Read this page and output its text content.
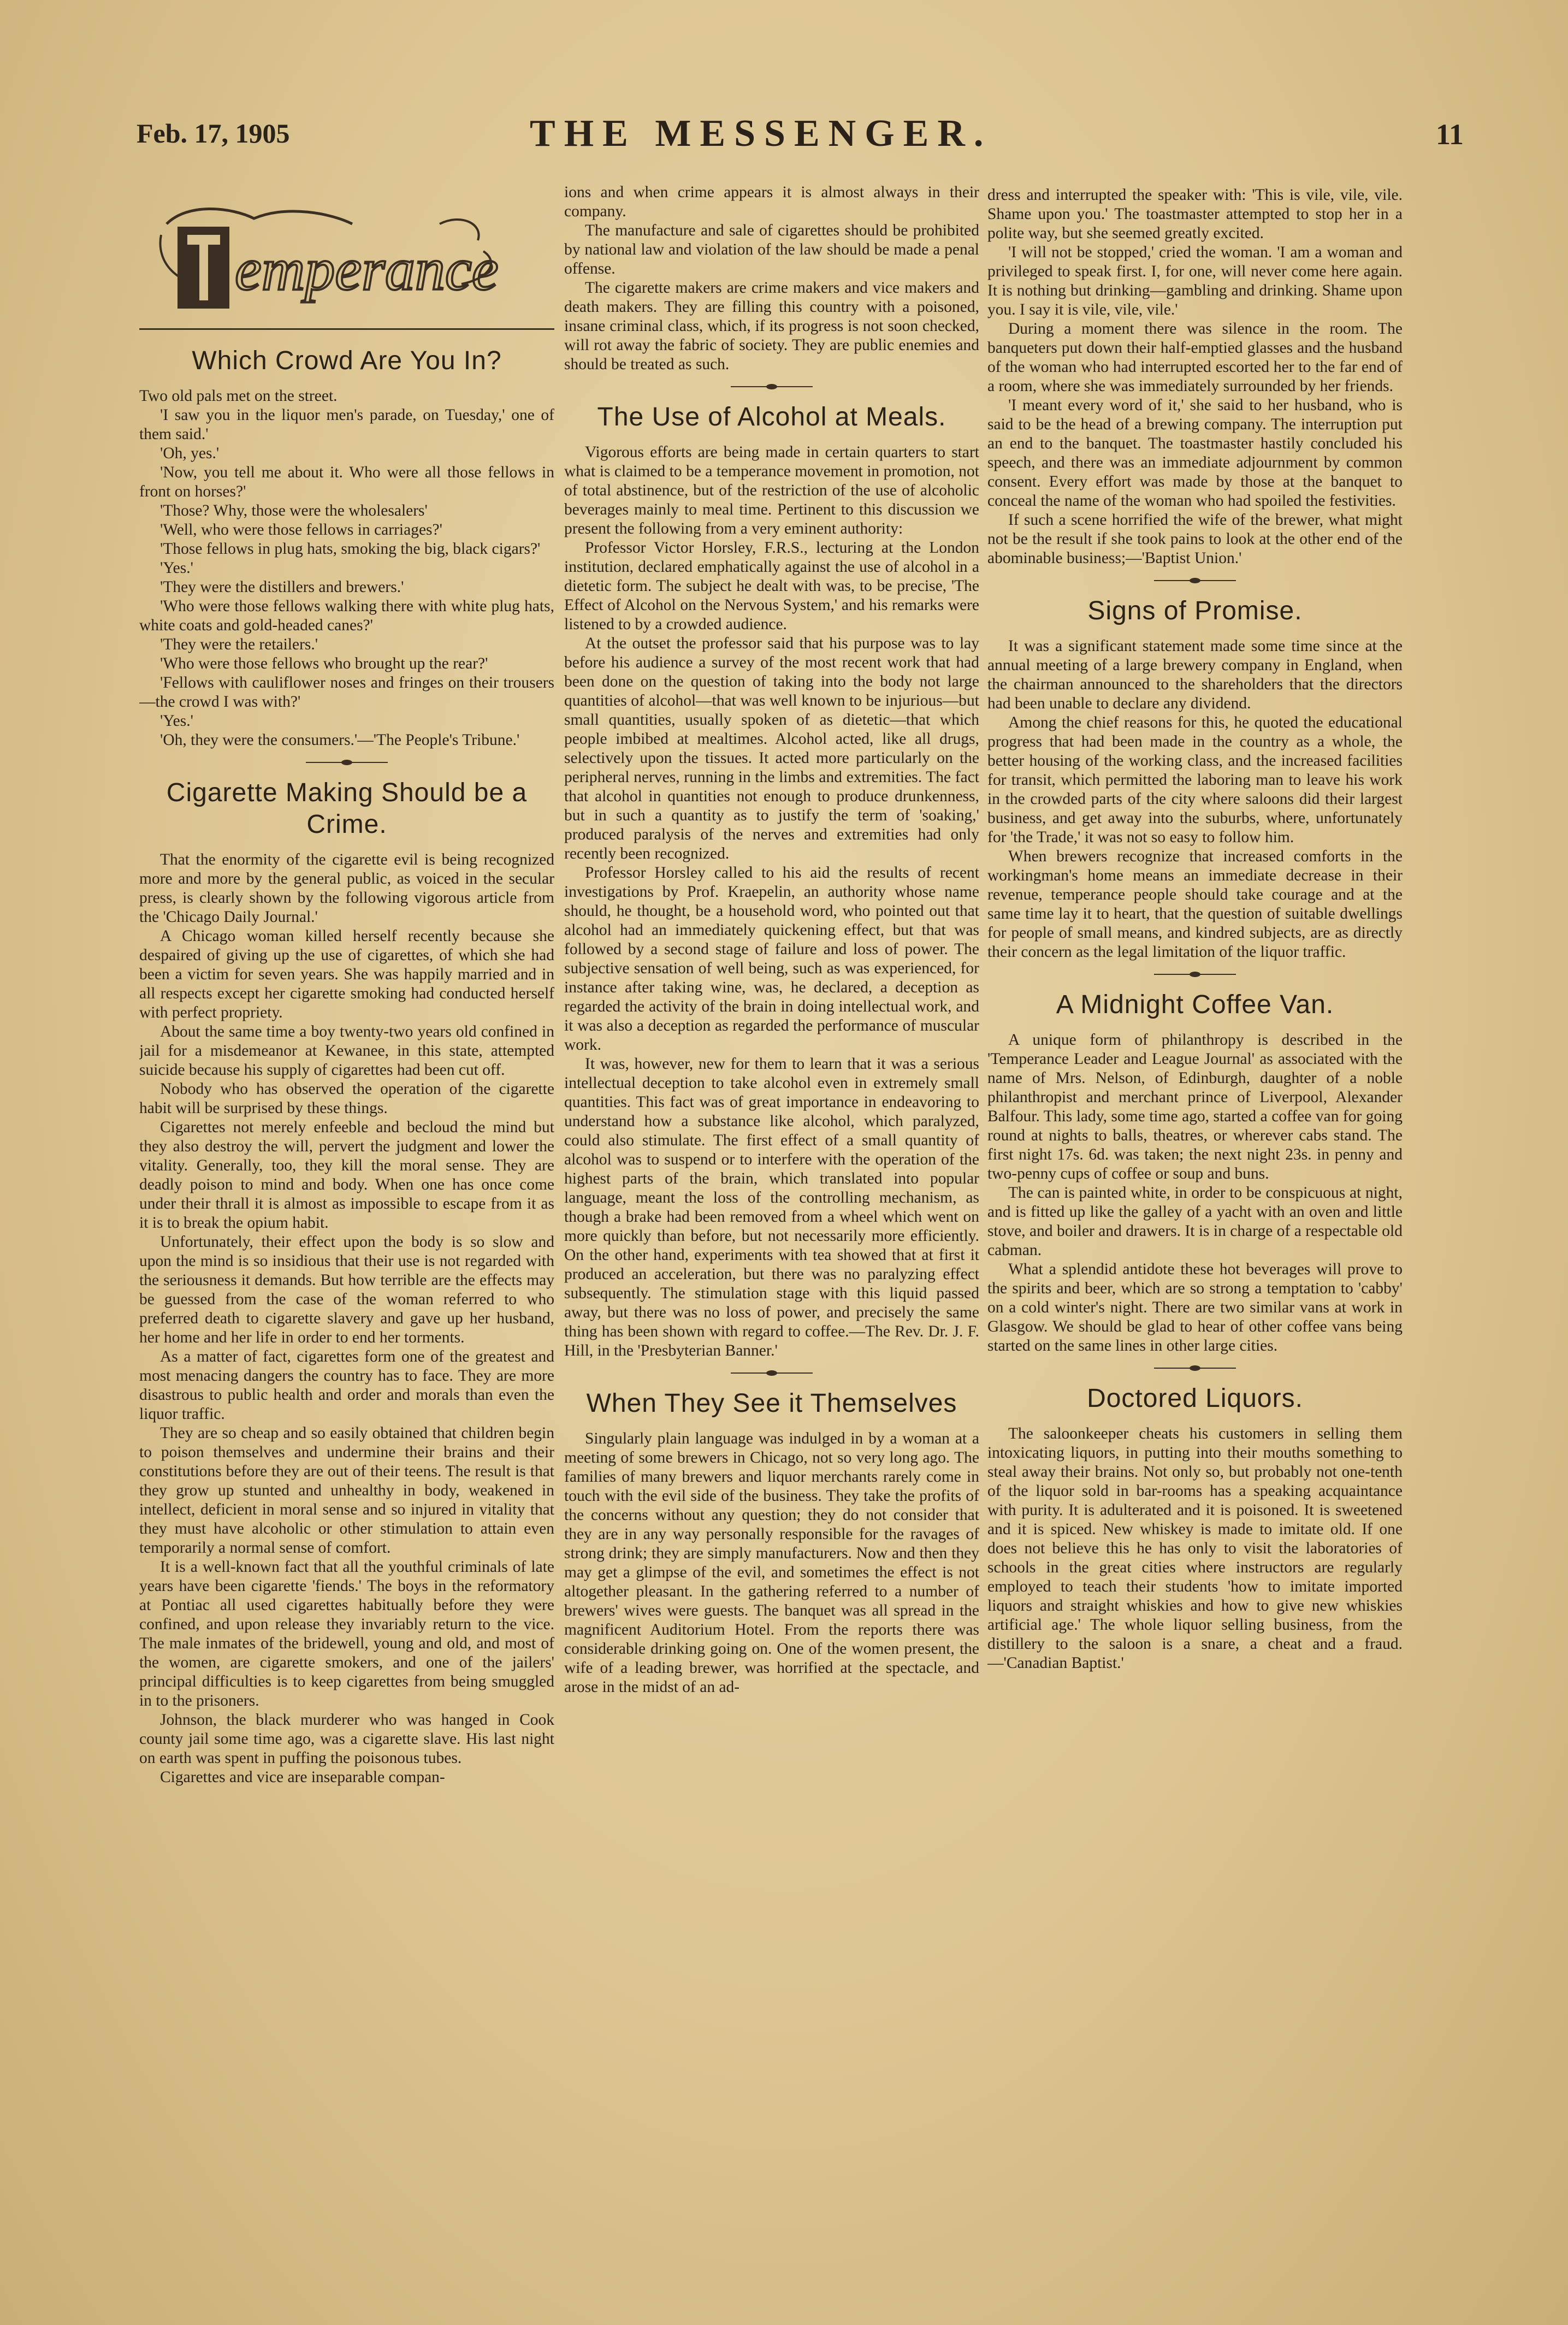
Feb. 17, 1905	THE MESSENGER.	11
emperance
Which Crowd Are You In?

Two old pals met on the street.

'I saw you in the liquor men's parade, on Tuesday,' one of them said.'

'Oh, yes.'

'Now, you tell me about it. Who were all those fellows in front on horses?'

'Those? Why, those were the wholesalers'

'Well, who were those fellows in carriages?'

'Those fellows in plug hats, smoking the big, black cigars?'

'Yes.'

'They were the distillers and brewers.'

'Who were those fellows walking there with white plug hats, white coats and gold-headed canes?'

'They were the retailers.'

'Who were those fellows who brought up the rear?'

'Fellows with cauliflower noses and fringes on their trousers—the crowd I was with?'

'Yes.'

'Oh, they were the consumers.'—'The People's Tribune.'

Cigarette Making Should be a Crime.

That the enormity of the cigarette evil is being recognized more and more by the general public, as voiced in the secular press, is clearly shown by the following vigorous article from the 'Chicago Daily Journal.'

A Chicago woman killed herself recently because she despaired of giving up the use of cigarettes, of which she had been a victim for seven years. She was happily married and in all respects except her cigarette smoking had conducted herself with perfect propriety.

About the same time a boy twenty-two years old confined in jail for a misdemeanor at Kewanee, in this state, attempted suicide because his supply of cigarettes had been cut off.

Nobody who has observed the operation of the cigarette habit will be surprised by these things.

Cigarettes not merely enfeeble and becloud the mind but they also destroy the will, pervert the judgment and lower the vitality. Generally, too, they kill the moral sense. They are deadly poison to mind and body. When one has once come under their thrall it is almost as impossible to escape from it as it is to break the opium habit.

Unfortunately, their effect upon the body is so slow and upon the mind is so insidious that their use is not regarded with the seriousness it demands. But how terrible are the effects may be guessed from the case of the woman referred to who preferred death to cigarette slavery and gave up her husband, her home and her life in order to end her torments.

As a matter of fact, cigarettes form one of the greatest and most menacing dangers the country has to face. They are more disastrous to public health and order and morals than even the liquor traffic.

They are so cheap and so easily obtained that children begin to poison themselves and undermine their brains and their constitutions before they are out of their teens. The result is that they grow up stunted and unhealthy in body, weakened in intellect, deficient in moral sense and so injured in vitality that they must have alcoholic or other stimulation to attain even temporarily a normal sense of comfort.

It is a well-known fact that all the youthful criminals of late years have been cigarette 'fiends.' The boys in the reformatory at Pontiac all used cigarettes habitually before they were confined, and upon release they invariably return to the vice. The male inmates of the bridewell, young and old, and most of the women, are cigarette smokers, and one of the jailers' principal difficulties is to keep cigarettes from being smuggled in to the prisoners.

Johnson, the black murderer who was hanged in Cook county jail some time ago, was a cigarette slave. His last night on earth was spent in puffing the poisonous tubes.

Cigarettes and vice are inseparable compan-

ions and when crime appears it is almost always in their company.

The manufacture and sale of cigarettes should be prohibited by national law and violation of the law should be made a penal offense.

The cigarette makers are crime makers and vice makers and death makers. They are filling this country with a poisoned, insane criminal class, which, if its progress is not soon checked, will rot away the fabric of society. They are public enemies and should be treated as such.

The Use of Alcohol at Meals.

Vigorous efforts are being made in certain quarters to start what is claimed to be a temperance movement in promotion, not of total abstinence, but of the restriction of the use of alcoholic beverages mainly to meal time. Pertinent to this discussion we present the following from a very eminent authority:

Professor Victor Horsley, F.R.S., lecturing at the London institution, declared emphatically against the use of alcohol in a dietetic form. The subject he dealt with was, to be precise, 'The Effect of Alcohol on the Nervous System,' and his remarks were listened to by a crowded audience.

At the outset the professor said that his purpose was to lay before his audience a survey of the most recent work that had been done on the question of taking into the body not large quantities of alcohol—that was well known to be injurious—but small quantities, usually spoken of as dietetic—that which people imbibed at mealtimes. Alcohol acted, like all drugs, selectively upon the tissues. It acted more particularly on the peripheral nerves, running in the limbs and extremities. The fact that alcohol in quantities not enough to produce drunkenness, but in such a quantity as to justify the term of 'soaking,' produced paralysis of the nerves and extremities had only recently been recognized.

Professor Horsley called to his aid the results of recent investigations by Prof. Kraepelin, an authority whose name should, he thought, be a household word, who pointed out that alcohol had an immediately quickening effect, but that was followed by a second stage of failure and loss of power. The subjective sensation of well being, such as was experienced, for instance after taking wine, was, he declared, a deception as regarded the activity of the brain in doing intellectual work, and it was also a deception as regarded the performance of muscular work.

It was, however, new for them to learn that it was a serious intellectual deception to take alcohol even in extremely small quantities. This fact was of great importance in endeavoring to understand how a substance like alcohol, which paralyzed, could also stimulate. The first effect of a small quantity of alcohol was to suspend or to interfere with the operation of the highest parts of the brain, which translated into popular language, meant the loss of the controlling mechanism, as though a brake had been removed from a wheel which went on more quickly than before, but not necessarily more efficiently. On the other hand, experiments with tea showed that at first it produced an acceleration, but there was no paralyzing effect subsequently. The stimulation stage with this liquid passed away, but there was no loss of power, and precisely the same thing has been shown with regard to coffee.—The Rev. Dr. J. F. Hill, in the 'Presbyterian Banner.'

When They See it Themselves

Singularly plain language was indulged in by a woman at a meeting of some brewers in Chicago, not so very long ago. The families of many brewers and liquor merchants rarely come in touch with the evil side of the business. They take the profits of the concerns without any question; they do not consider that they are in any way personally responsible for the ravages of strong drink; they are simply manufacturers. Now and then they may get a glimpse of the evil, and sometimes the effect is not altogether pleasant. In the gathering referred to a number of brewers' wives were guests. The banquet was all spread in the magnificent Auditorium Hotel. From the reports there was considerable drinking going on. One of the women present, the wife of a leading brewer, was horrified at the spectacle, and arose in the midst of an ad-

dress and interrupted the speaker with: 'This is vile, vile, vile. Shame upon you.' The toastmaster attempted to stop her in a polite way, but she seemed greatly excited.

'I will not be stopped,' cried the woman. 'I am a woman and privileged to speak first. I, for one, will never come here again. It is nothing but drinking—gambling and drinking. Shame upon you. I say it is vile, vile, vile.'

During a moment there was silence in the room. The banqueters put down their half-emptied glasses and the husband of the woman who had interrupted escorted her to the far end of a room, where she was immediately surrounded by her friends.

'I meant every word of it,' she said to her husband, who is said to be the head of a brewing company. The interruption put an end to the banquet. The toastmaster hastily concluded his speech, and there was an immediate adjournment by common consent. Every effort was made by those at the banquet to conceal the name of the woman who had spoiled the festivities.

If such a scene horrified the wife of the brewer, what might not be the result if she took pains to look at the other end of the abominable business;—'Baptist Union.'

Signs of Promise.

It was a significant statement made some time since at the annual meeting of a large brewery company in England, when the chairman announced to the shareholders that the directors had been unable to declare any dividend.

Among the chief reasons for this, he quoted the educational progress that had been made in the country as a whole, the better housing of the working class, and the increased facilities for transit, which permitted the laboring man to leave his work in the crowded parts of the city where saloons did their largest business, and get away into the suburbs, where, unfortunately for 'the Trade,' it was not so easy to follow him.

When brewers recognize that increased comforts in the workingman's home means an immediate decrease in their revenue, temperance people should take courage and at the same time lay it to heart, that the question of suitable dwellings for people of small means, and kindred subjects, are as directly their concern as the legal limitation of the liquor traffic.

A Midnight Coffee Van.

A unique form of philanthropy is described in the 'Temperance Leader and League Journal' as associated with the name of Mrs. Nelson, of Edinburgh, daughter of a noble philanthropist and merchant prince of Liverpool, Alexander Balfour. This lady, some time ago, started a coffee van for going round at nights to balls, theatres, or wherever cabs stand. The first night 17s. 6d. was taken; the next night 23s. in penny and two-penny cups of coffee or soup and buns.

The can is painted white, in order to be conspicuous at night, and is fitted up like the galley of a yacht with an oven and little stove, and boiler and drawers. It is in charge of a respectable old cabman.

What a splendid antidote these hot beverages will prove to the spirits and beer, which are so strong a temptation to 'cabby' on a cold winter's night. There are two similar vans at work in Glasgow. We should be glad to hear of other coffee vans being started on the same lines in other large cities.

Doctored Liquors.

The saloonkeeper cheats his customers in selling them intoxicating liquors, in putting into their mouths something to steal away their brains. Not only so, but probably not one-tenth of the liquor sold in bar-rooms has a speaking acquaintance with purity. It is adulterated and it is poisoned. It is sweetened and it is spiced. New whiskey is made to imitate old. If one does not believe this he has only to visit the laboratories of schools in the great cities where instructors are regularly employed to teach their students 'how to imitate imported liquors and straight whiskies and how to give new whiskies artificial age.' The whole liquor selling business, from the distillery to the saloon is a snare, a cheat and a fraud.—'Canadian Baptist.'
